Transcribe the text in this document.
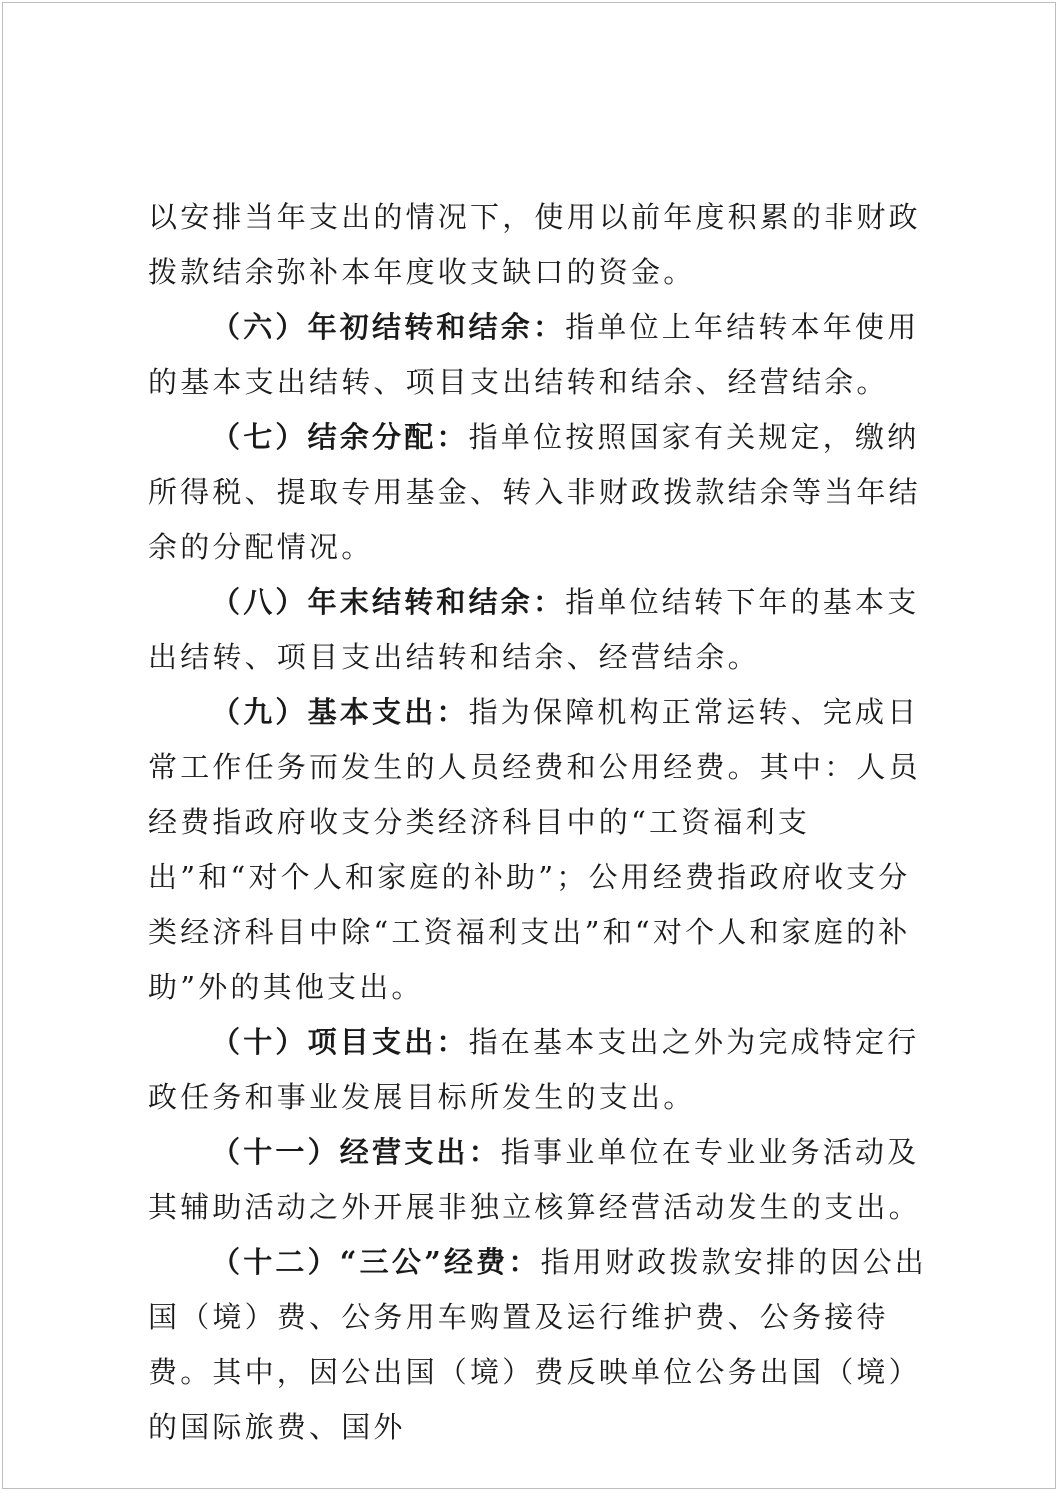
以安排当年支出的情况下，使用以前年度积累的非财政拨款结余弥补本年度收支缺口的资金。

（六）年初结转和结余：指单位上年结转本年使用的基本支出结转、项目支出结转和结余、经营结余。

（七）结余分配：指单位按照国家有关规定，缴纳所得税、提取专用基金、转入非财政拨款结余等当年结余的分配情况。

（八）年末结转和结余：指单位结转下年的基本支出结转、项目支出结转和结余、经营结余。

（九）基本支出：指为保障机构正常运转、完成日常工作任务而发生的人员经费和公用经费。其中：人员经费指政府收支分类经济科目中的“工资福利支出”和“对个人和家庭的补助”；公用经费指政府收支分类经济科目中除“工资福利支出”和“对个人和家庭的补助”外的其他支出。

（十）项目支出：指在基本支出之外为完成特定行政任务和事业发展目标所发生的支出。

（十一）经营支出：指事业单位在专业业务活动及其辅助活动之外开展非独立核算经营活动发生的支出。

（十二）“三公”经费：指用财政拨款安排的因公出国（境）费、公务用车购置及运行维护费、公务接待费。其中，因公出国（境）费反映单位公务出国（境）的国际旅费、国外
